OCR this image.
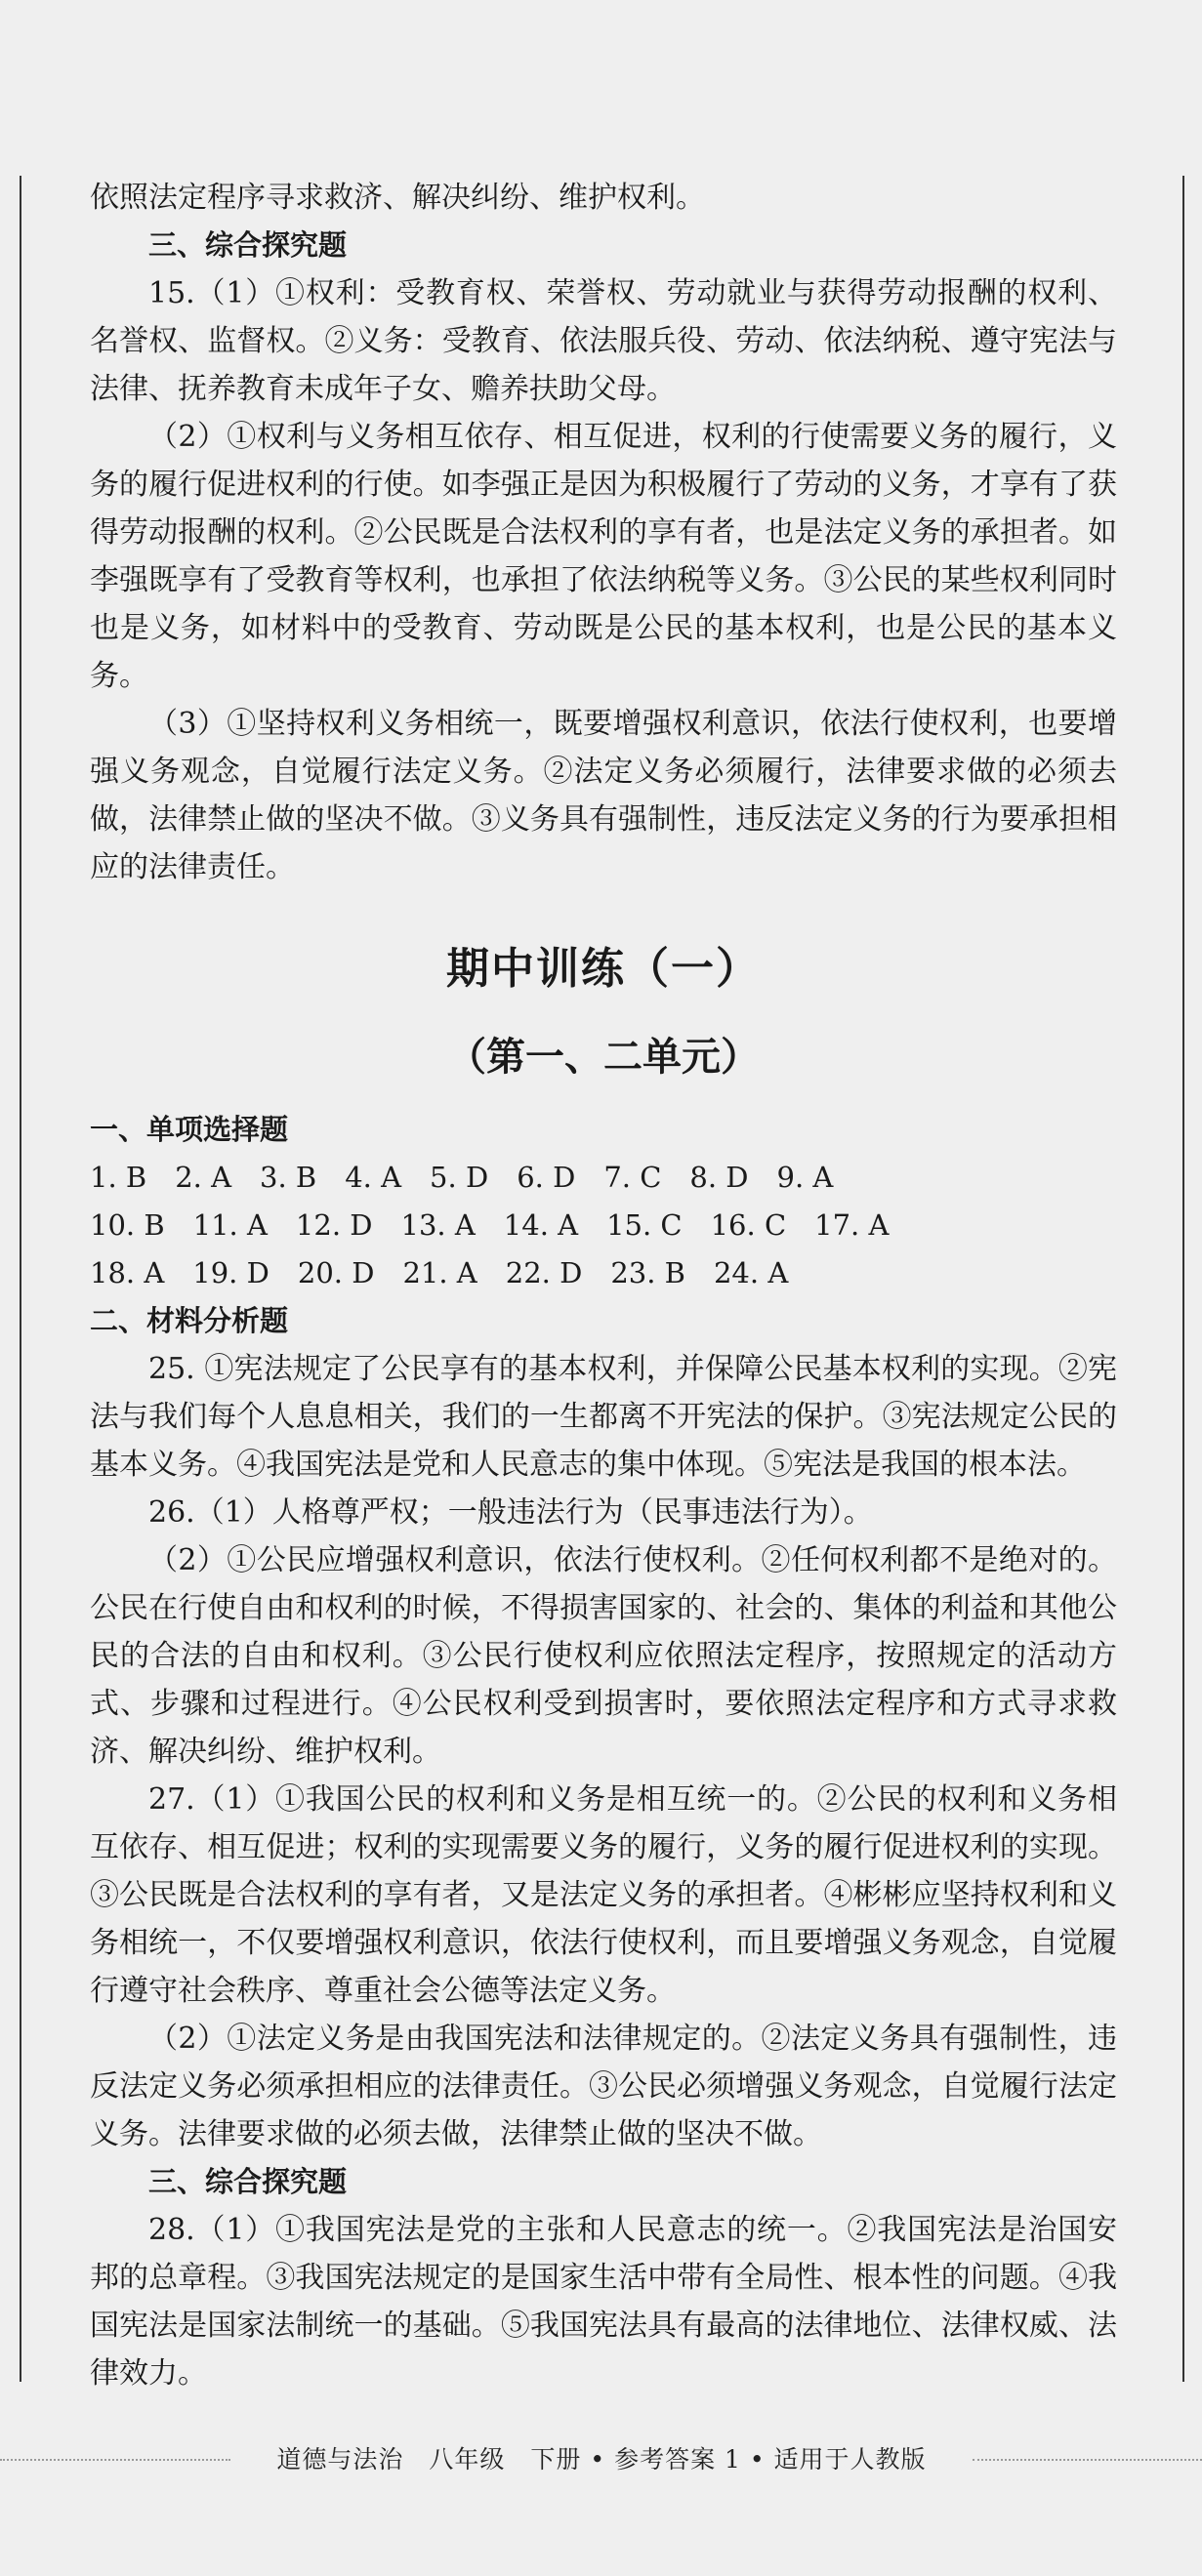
依照法定程序寻求救济、解决纠纷、维护权利。

三、综合探究题

15.（1）①权利：受教育权、荣誉权、劳动就业与获得劳动报酬的权利、名誉权、监督权。②义务：受教育、依法服兵役、劳动、依法纳税、遵守宪法与法律、抚养教育未成年子女、赡养扶助父母。

（2）①权利与义务相互依存、相互促进，权利的行使需要义务的履行，义务的履行促进权利的行使。如李强正是因为积极履行了劳动的义务，才享有了获得劳动报酬的权利。②公民既是合法权利的享有者，也是法定义务的承担者。如李强既享有了受教育等权利，也承担了依法纳税等义务。③公民的某些权利同时也是义务，如材料中的受教育、劳动既是公民的基本权利，也是公民的基本义务。

（3）①坚持权利义务相统一，既要增强权利意识，依法行使权利，也要增强义务观念，自觉履行法定义务。②法定义务必须履行，法律要求做的必须去做，法律禁止做的坚决不做。③义务具有强制性，违反法定义务的行为要承担相应的法律责任。

期中训练（一）

（第一、二单元）

一、单项选择题

1. B　2. A　3. B　4. A　5. D　6. D　7. C　8. D　9. A

10. B　11. A　12. D　13. A　14. A　15. C　16. C　17. A

18. A　19. D　20. D　21. A　22. D　23. B　24. A

二、材料分析题

25. ①宪法规定了公民享有的基本权利，并保障公民基本权利的实现。②宪法与我们每个人息息相关，我们的一生都离不开宪法的保护。③宪法规定公民的基本义务。④我国宪法是党和人民意志的集中体现。⑤宪法是我国的根本法。

26.（1）人格尊严权；一般违法行为（民事违法行为）。

（2）①公民应增强权利意识，依法行使权利。②任何权利都不是绝对的。公民在行使自由和权利的时候，不得损害国家的、社会的、集体的利益和其他公民的合法的自由和权利。③公民行使权利应依照法定程序，按照规定的活动方式、步骤和过程进行。④公民权利受到损害时，要依照法定程序和方式寻求救济、解决纠纷、维护权利。

27.（1）①我国公民的权利和义务是相互统一的。②公民的权利和义务相互依存、相互促进；权利的实现需要义务的履行，义务的履行促进权利的实现。③公民既是合法权利的享有者，又是法定义务的承担者。④彬彬应坚持权利和义务相统一，不仅要增强权利意识，依法行使权利，而且要增强义务观念，自觉履行遵守社会秩序、尊重社会公德等法定义务。

（2）①法定义务是由我国宪法和法律规定的。②法定义务具有强制性，违反法定义务必须承担相应的法律责任。③公民必须增强义务观念，自觉履行法定义务。法律要求做的必须去做，法律禁止做的坚决不做。

三、综合探究题

28.（1）①我国宪法是党的主张和人民意志的统一。②我国宪法是治国安邦的总章程。③我国宪法规定的是国家生活中带有全局性、根本性的问题。④我国宪法是国家法制统一的基础。⑤我国宪法具有最高的法律地位、法律权威、法律效力。

道德与法治　八年级　下册 • 参考答案 1 • 适用于人教版
